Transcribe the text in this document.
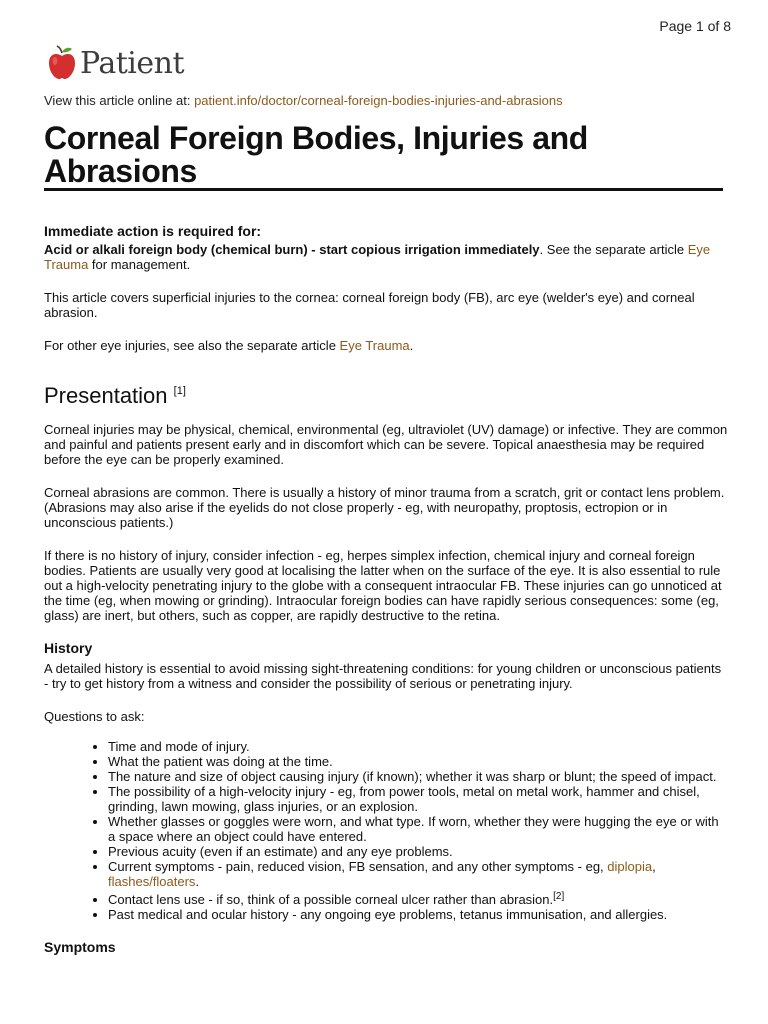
Page 1 of 8
Patient
View this article online at: patient.info/doctor/corneal-foreign-bodies-injuries-and-abrasions
Corneal Foreign Bodies, Injuries and Abrasions
Immediate action is required for:

Acid or alkali foreign body (chemical burn) - start copious irrigation immediately. See the separate article Eye Trauma for management.

This article covers superficial injuries to the cornea: corneal foreign body (FB), arc eye (welder's eye) and corneal abrasion.

For other eye injuries, see also the separate article Eye Trauma.

Presentation [1]

Corneal injuries may be physical, chemical, environmental (eg, ultraviolet (UV) damage) or infective. They are common and painful and patients present early and in discomfort which can be severe. Topical anaesthesia may be required before the eye can be properly examined.

Corneal abrasions are common. There is usually a history of minor trauma from a scratch, grit or contact lens problem. (Abrasions may also arise if the eyelids do not close properly - eg, with neuropathy, proptosis, ectropion or in unconscious patients.)

If there is no history of injury, consider infection - eg, herpes simplex infection, chemical injury and corneal foreign bodies. Patients are usually very good at localising the latter when on the surface of the eye. It is also essential to rule out a high-velocity penetrating injury to the globe with a consequent intraocular FB. These injuries can go unnoticed at the time (eg, when mowing or grinding). Intraocular foreign bodies can have rapidly serious consequences: some (eg, glass) are inert, but others, such as copper, are rapidly destructive to the retina.

History

A detailed history is essential to avoid missing sight-threatening conditions: for young children or unconscious patients - try to get history from a witness and consider the possibility of serious or penetrating injury.

Questions to ask:

• Time and mode of injury.
• What the patient was doing at the time.
• The nature and size of object causing injury (if known); whether it was sharp or blunt; the speed of impact.
• The possibility of a high-velocity injury - eg, from power tools, metal on metal work, hammer and chisel, grinding, lawn mowing, glass injuries, or an explosion.
• Whether glasses or goggles were worn, and what type. If worn, whether they were hugging the eye or with a space where an object could have entered.
• Previous acuity (even if an estimate) and any eye problems.
• Current symptoms - pain, reduced vision, FB sensation, and any other symptoms - eg, diplopia, flashes/floaters.
• Contact lens use - if so, think of a possible corneal ulcer rather than abrasion.[2]
• Past medical and ocular history - any ongoing eye problems, tetanus immunisation, and allergies.
Symptoms
